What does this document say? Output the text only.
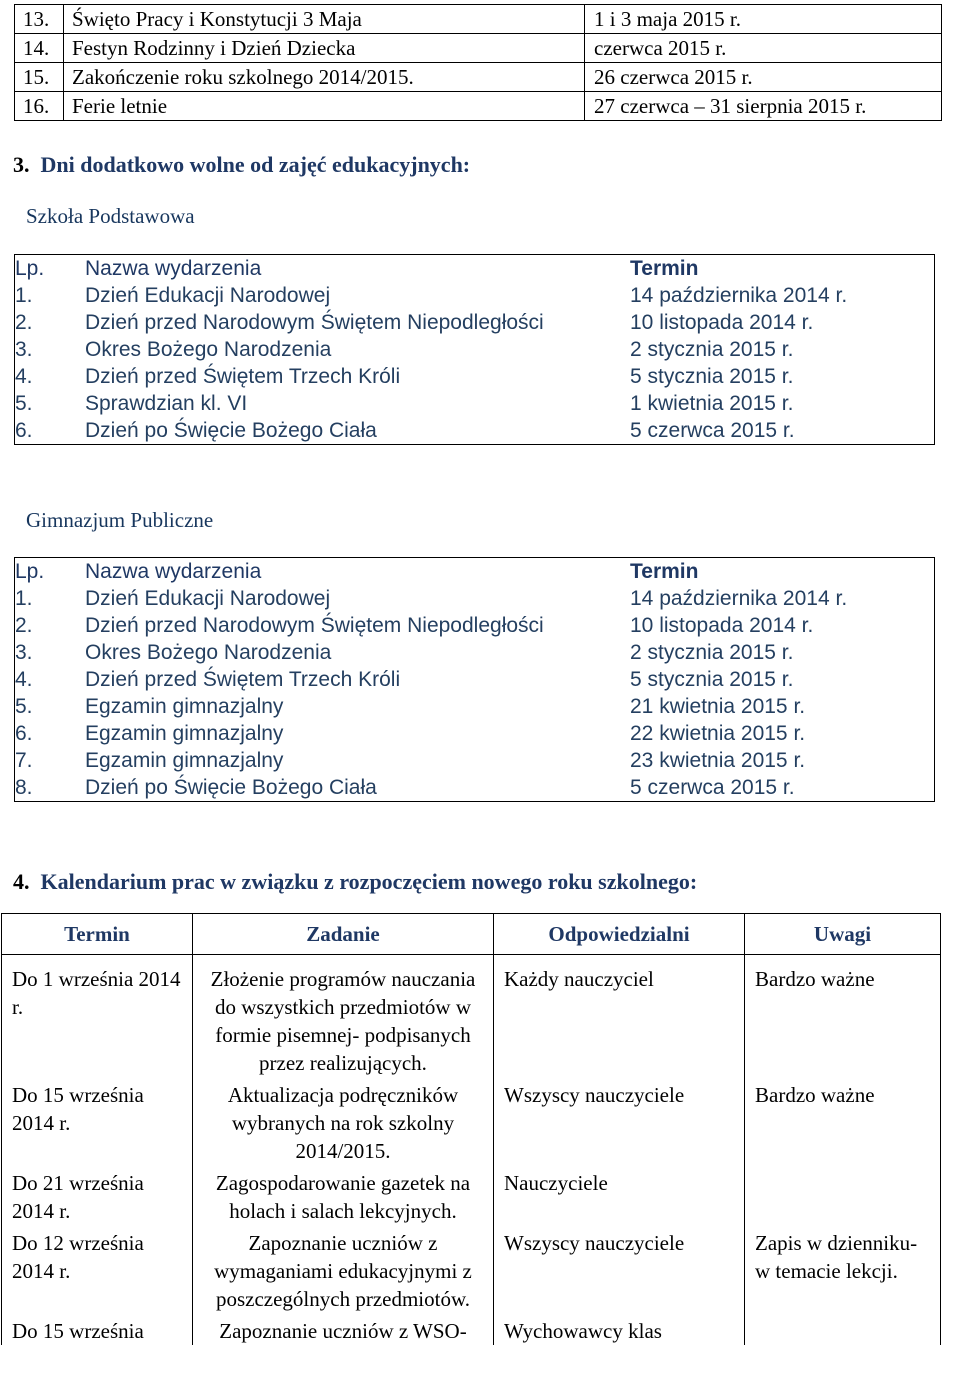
13.	Święto Pracy i Konstytucji 3 Maja	1 i 3 maja 2015 r.
14.	Festyn Rodzinny i Dzień Dziecka	czerwca 2015 r.
15.	Zakończenie roku szkolnego 2014/2015.	26 czerwca 2015 r.
16.	Ferie letnie	27 czerwca – 31 sierpnia 2015 r.
3. Dni dodatkowo wolne od zajęć edukacyjnych:
Szkoła Podstawowa
Lp.	Nazwa wydarzenia	Termin
1.	Dzień Edukacji Narodowej	14 października 2014 r.
2.	Dzień przed Narodowym Świętem Niepodległości	10 listopada 2014 r.
3.	Okres Bożego Narodzenia	2 stycznia 2015 r.
4.	Dzień przed Świętem Trzech Króli	5 stycznia 2015 r.
5.	Sprawdzian kl. VI	1 kwietnia 2015 r.
6.	Dzień po Święcie Bożego Ciała	5 czerwca 2015 r.
Gimnazjum Publiczne
Lp.	Nazwa wydarzenia	Termin
1.	Dzień Edukacji Narodowej	14 października 2014 r.
2.	Dzień przed Narodowym Świętem Niepodległości	10 listopada 2014 r.
3.	Okres Bożego Narodzenia	2 stycznia 2015 r.
4.	Dzień przed Świętem Trzech Króli	5 stycznia 2015 r.
5.	Egzamin gimnazjalny	21 kwietnia 2015 r.
6.	Egzamin gimnazjalny	22 kwietnia 2015 r.
7.	Egzamin gimnazjalny	23 kwietnia 2015 r.
8.	Dzień po Święcie Bożego Ciała	5 czerwca 2015 r.
4. Kalendarium prac w związku z rozpoczęciem nowego roku szkolnego:
Termin	Zadanie	Odpowiedzialni	Uwagi
Do 1 września 2014 r.	Złożenie programów nauczania do wszystkich przedmiotów w formie pisemnej- podpisanych przez realizujących.	Każdy nauczyciel	Bardzo ważne
Do 15 września 2014 r.	Aktualizacja podręczników wybranych na rok szkolny 2014/2015.	Wszyscy nauczyciele	Bardzo ważne
Do 21 września 2014 r.	Zagospodarowanie gazetek na holach i salach lekcyjnych.	Nauczyciele	
Do 12 września 2014 r.	Zapoznanie uczniów z wymaganiami edukacyjnymi z poszczególnych przedmiotów.	Wszyscy nauczyciele	Zapis w dzienniku- w temacie lekcji.
Do 15 września	Zapoznanie uczniów z WSO-	Wychowawcy klas	
